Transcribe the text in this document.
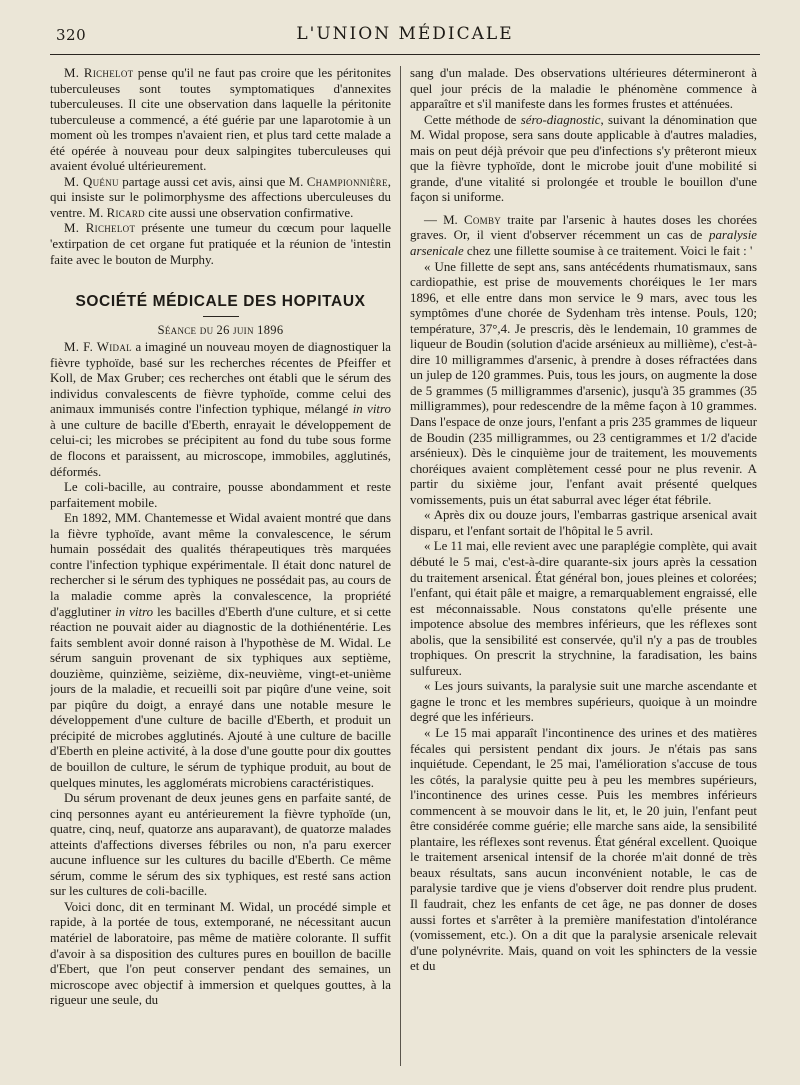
320	L'UNION MÉDICALE

M. Richelot pense qu'il ne faut pas croire que les péritonites tuberculeuses sont toutes symptomatiques d'annexites tuberculeuses. Il cite une observation dans laquelle la péritonite tuberculeuse a commencé, a été guérie par une laparotomie à un moment où les trompes n'avaient rien, et plus tard cette malade a été opérée à nouveau pour deux salpingites tuberculeuses qui avaient évolué ultérieurement.

M. Quénu partage aussi cet avis, ainsi que M. Championnière, qui insiste sur le polimorphysme des affections uberculeuses du ventre. M. Ricard cite aussi une observation confirmative.

M. Richelot présente une tumeur du cœcum pour laquelle 'extirpation de cet organe fut pratiquée et la réunion de 'intestin faite avec le bouton de Murphy.

SOCIÉTÉ MÉDICALE DES HOPITAUX
Séance du 26 juin 1896

M. F. Widal a imaginé un nouveau moyen de diagnostiquer la fièvre typhoïde, basé sur les recherches récentes de Pfeiffer et Koll, de Max Gruber; ces recherches ont établi que le sérum des individus convalescents de fièvre typhoïde, comme celui des animaux immunisés contre l'infection typhique, mélangé in vitro à une culture de bacille d'Eberth, enrayait le développement de celui-ci; les microbes se précipitent au fond du tube sous forme de flocons et paraissent, au microscope, immobiles, agglutinés, déformés.

Le coli-bacille, au contraire, pousse abondamment et reste parfaitement mobile.

En 1892, MM. Chantemesse et Widal avaient montré que dans la fièvre typhoïde, avant même la convalescence, le sérum humain possédait des qualités thérapeutiques très marquées contre l'infection typhique expérimentale. Il était donc naturel de rechercher si le sérum des typhiques ne possédait pas, au cours de la maladie comme après la convalescence, la propriété d'agglutiner in vitro les bacilles d'Eberth d'une culture, et si cette réaction ne pouvait aider au diagnostic de la dothiénentérie. Les faits semblent avoir donné raison à l'hypothèse de M. Widal. Le sérum sanguin provenant de six typhiques aux septième, douzième, quinzième, seizième, dix-neuvième, vingt-et-unième jours de la maladie, et recueilli soit par piqûre d'une veine, soit par piqûre du doigt, a enrayé dans une notable mesure le développement d'une culture de bacille d'Eberth, et produit un précipité de microbes agglutinés. Ajouté à une culture de bacille d'Eberth en pleine activité, à la dose d'une goutte pour dix gouttes de bouillon de culture, le sérum de typhique produit, au bout de quelques minutes, les agglomérats microbiens caractéristiques.

Du sérum provenant de deux jeunes gens en parfaite santé, de cinq personnes ayant eu antérieurement la fièvre typhoïde (un, quatre, cinq, neuf, quatorze ans auparavant), de quatorze malades atteints d'affections diverses fébriles ou non, n'a paru exercer aucune influence sur les cultures du bacille d'Eberth. Ce même sérum, comme le sérum des six typhiques, est resté sans action sur les cultures de coli-bacille.

Voici donc, dit en terminant M. Widal, un procédé simple et rapide, à la portée de tous, extemporané, ne nécessitant aucun matériel de laboratoire, pas même de matière colorante. Il suffit d'avoir à sa disposition des cultures pures en bouillon de bacille d'Ebert, que l'on peut conserver pendant des semaines, un microscope avec objectif à immersion et quelques gouttes, à la rigueur une seule, du

sang d'un malade. Des observations ultérieures détermineront à quel jour précis de la maladie le phénomène commence à apparaître et s'il manifeste dans les formes frustes et atténuées.

Cette méthode de séro-diagnostic, suivant la dénomination que M. Widal propose, sera sans doute applicable à d'autres maladies, mais on peut déjà prévoir que peu d'infections s'y prêteront mieux que la fièvre typhoïde, dont le microbe jouit d'une mobilité si grande, d'une vitalité si prolongée et trouble le bouillon d'une façon si uniforme.

— M. Comby traite par l'arsenic à hautes doses les chorées graves. Or, il vient d'observer récemment un cas de paralysie arsenicale chez une fillette soumise à ce traitement. Voici le fait : '

« Une fillette de sept ans, sans antécédents rhumatismaux, sans cardiopathie, est prise de mouvements choréiques le 1er mars 1896, et elle entre dans mon service le 9 mars, avec tous les symptômes d'une chorée de Sydenham très intense. Pouls, 120; température, 37°,4. Je prescris, dès le lendemain, 10 grammes de liqueur de Boudin (solution d'acide arsénieux au millième), c'est-à-dire 10 milligrammes d'arsenic, à prendre à doses réfractées dans un julep de 120 grammes. Puis, tous les jours, on augmente la dose de 5 grammes (5 milligrammes d'arsenic), jusqu'à 35 grammes (35 milligrammes), pour redescendre de la même façon à 10 grammes. Dans l'espace de onze jours, l'enfant a pris 235 grammes de liqueur de Boudin (235 milligrammes, ou 23 centigrammes et 1/2 d'acide arsénieux). Dès le cinquième jour de traitement, les mouvements choréiques avaient complètement cessé pour ne plus revenir. A partir du sixième jour, l'enfant avait présenté quelques vomissements, puis un état saburral avec léger état fébrile.

« Après dix ou douze jours, l'embarras gastrique arsenical avait disparu, et l'enfant sortait de l'hôpital le 5 avril.

« Le 11 mai, elle revient avec une paraplégie complète, qui avait débuté le 5 mai, c'est-à-dire quarante-six jours après la cessation du traitement arsenical. État général bon, joues pleines et colorées; l'enfant, qui était pâle et maigre, a remarquablement engraissé, elle est méconnaissable. Nous constatons qu'elle présente une impotence absolue des membres inférieurs, que les réflexes sont abolis, que la sensibilité est conservée, qu'il n'y a pas de troubles trophiques. On prescrit la strychnine, la faradisation, les bains sulfureux.

« Les jours suivants, la paralysie suit une marche ascendante et gagne le tronc et les membres supérieurs, quoique à un moindre degré que les inférieurs.

« Le 15 mai apparaît l'incontinence des urines et des matières fécales qui persistent pendant dix jours. Je n'étais pas sans inquiétude. Cependant, le 25 mai, l'amélioration s'accuse de tous les côtés, la paralysie quitte peu à peu les membres supérieurs, l'incontinence des urines cesse. Puis les membres inférieurs commencent à se mouvoir dans le lit, et, le 20 juin, l'enfant peut être considérée comme guérie; elle marche sans aide, la sensibilité plantaire, les réflexes sont revenus. État général excellent. Quoique le traitement arsenical intensif de la chorée m'ait donné de très beaux résultats, sans aucun inconvénient notable, le cas de paralysie tardive que je viens d'observer doit rendre plus prudent. Il faudrait, chez les enfants de cet âge, ne pas donner de doses aussi fortes et s'arrêter à la première manifestation d'intolérance (vomissement, etc.). On a dit que la paralysie arsenicale relevait d'une polynévrite. Mais, quand on voit les sphincters de la vessie et du
